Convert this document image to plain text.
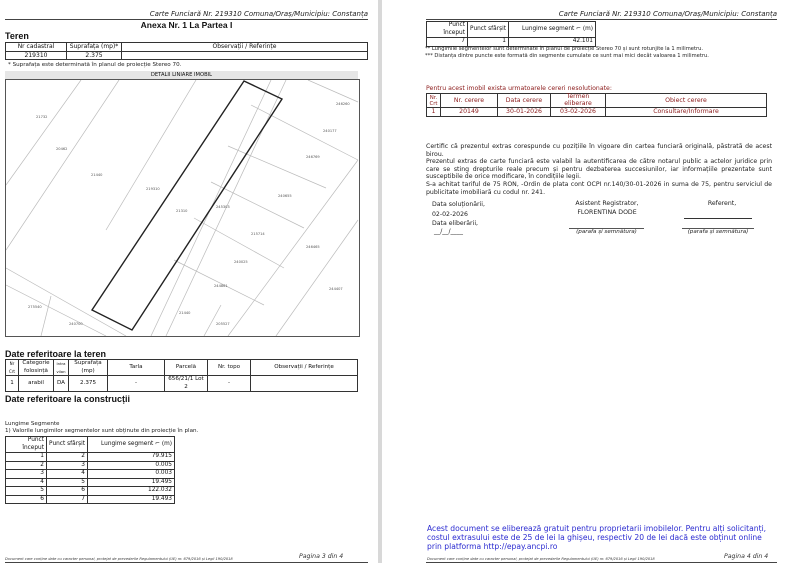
Carte Funciară Nr. 219310 Comuna/Oraș/Municipiu: Constanța
Anexa Nr. 1 La Partea I
Teren
Nr cadastral	Suprafața (mp)*	Observații / Referințe
219310	2.375	
* Suprafața este determinată în planul de proiecție Stereo 70.
DETALII LINIARE IMOBIL
21732
20462
21440
219310
21310
245303
246260
240177
246769
240655
215714
246465
240025
244861
244407
21440
205527
275540
240700
Date referitoare la teren
Nr Crt	Categorie folosință	Intra vilan	Suprafața (mp)	Tarla	Parcelă	Nr. topo	Observații / Referințe
1	arabil	DA	2.375	-	656/21/1 Lot 2	-	
Date referitoare la construcții
Lungime Segmente
1) Valorile lungimilor segmentelor sunt obținute din proiecție în plan.
Punct început	Punct sfârșit	Lungime segment ⌐ (m)
1	2	79.915
2	3	0.005
3	4	0.003
4	5	19.495
5	6	122.032
6	7	19.493
Document care conține date cu caracter personal, protejat de prevederile Regulamentului (UE) nr. 679/2016 și Legii 190/2018	Pagina 3 din 4
Carte Funciară Nr. 219310 Comuna/Oraș/Municipiu: Constanța
Punct început	Punct sfârșit	Lungime segment ⌐ (m)
7	1	42.101
** Lungimile segmentelor sunt determinate în planul de proiecție Stereo 70 și sunt rotunjite la 1 milimetru.
*** Distanța dintre puncte este formată din segmente cumulate ce sunt mai mici decât valoarea 1 milimetru.
Pentru acest imobil exista urmatoarele cereri nesolutionate:
Nr. Crt	Nr. cerere	Data cerere	Termen eliberare	Obiect cerere
1	20149	30-01-2026	03-02-2026	Consultare/Informare
Certific că prezentul extras corespunde cu pozițiile în vigoare din cartea funciară originală, păstrată de acest birou.
Prezentul extras de carte funciară este valabil la autentificarea de către notarul public a actelor juridice prin care se sting drepturile reale precum și pentru dezbaterea succesiunilor, iar informațiile prezentate sunt susceptibile de orice modificare, în condițiile legii.
S-a achitat tariful de 75 RON, -Ordin de plata cont OCPI nr.140/30-01-2026 in suma de 75, pentru serviciul de publicitate imobiliară cu codul nr. 241.
Data soluționării,
02-02-2026
Data eliberării,
__/__/____
Asistent Registrator,
FLORENTINA DODE
(parafa și semnătura)
Referent,
(parafa și semnătura)
Acest document se eliberează gratuit pentru proprietarii imobilelor. Pentru alți solicitanți, costul extrasului este de 25 de lei la ghișeu, respectiv 20 de lei dacă este obținut online prin platforma http://epay.ancpi.ro
Document care conține date cu caracter personal, protejat de prevederile Regulamentului (UE) nr. 679/2016 și Legii 190/2018	Pagina 4 din 4
